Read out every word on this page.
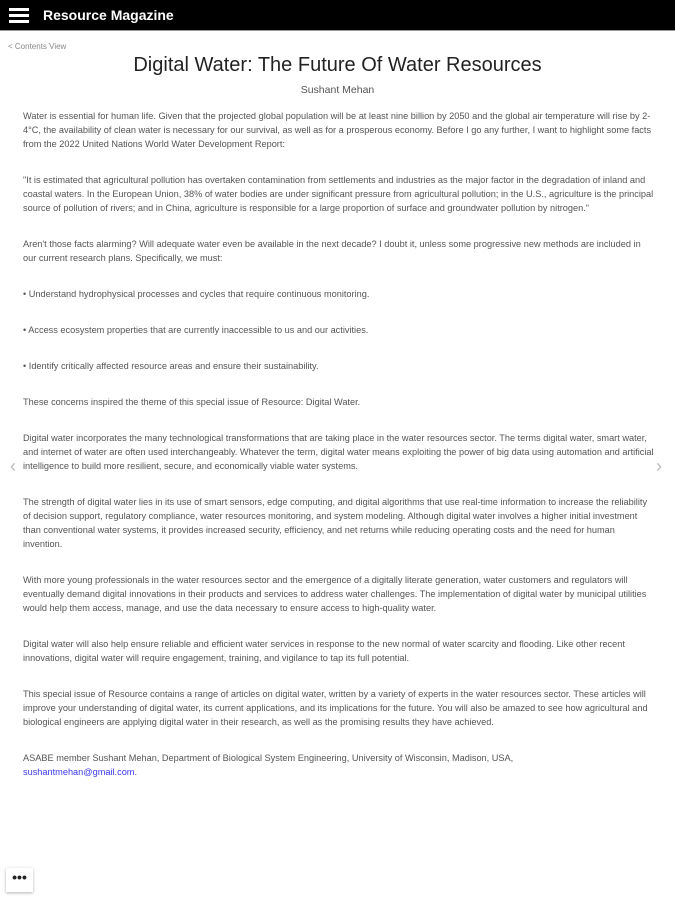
Resource Magazine
< Contents View
Digital Water: The Future Of Water Resources
Sushant Mehan

Water is essential for human life. Given that the projected global population will be at least nine billion by 2050 and the global air temperature will rise by 2-4°C, the availability of clean water is necessary for our survival, as well as for a prosperous economy. Before I go any further, I want to highlight some facts from the 2022 United Nations World Water Development Report:

"It is estimated that agricultural pollution has overtaken contamination from settlements and industries as the major factor in the degradation of inland and coastal waters. In the European Union, 38% of water bodies are under significant pressure from agricultural pollution; in the U.S., agriculture is the principal source of pollution of rivers; and in China, agriculture is responsible for a large proportion of surface and groundwater pollution by nitrogen."

Aren't those facts alarming? Will adequate water even be available in the next decade? I doubt it, unless some progressive new methods are included in our current research plans. Specifically, we must:

• Understand hydrophysical processes and cycles that require continuous monitoring.

• Access ecosystem properties that are currently inaccessible to us and our activities.

• Identify critically affected resource areas and ensure their sustainability.

These concerns inspired the theme of this special issue of Resource: Digital Water.

Digital water incorporates the many technological transformations that are taking place in the water resources sector. The terms digital water, smart water, and internet of water are often used interchangeably. Whatever the term, digital water means exploiting the power of big data using automation and artificial intelligence to build more resilient, secure, and economically viable water systems.

The strength of digital water lies in its use of smart sensors, edge computing, and digital algorithms that use real-time information to increase the reliability of decision support, regulatory compliance, water resources monitoring, and system modeling. Although digital water involves a higher initial investment than conventional water systems, it provides increased security, efficiency, and net returns while reducing operating costs and the need for human invention.

With more young professionals in the water resources sector and the emergence of a digitally literate generation, water customers and regulators will eventually demand digital innovations in their products and services to address water challenges. The implementation of digital water by municipal utilities would help them access, manage, and use the data necessary to ensure access to high-quality water.

Digital water will also help ensure reliable and efficient water services in response to the new normal of water scarcity and flooding. Like other recent innovations, digital water will require engagement, training, and vigilance to tap its full potential.

This special issue of Resource contains a range of articles on digital water, written by a variety of experts in the water resources sector. These articles will improve your understanding of digital water, its current applications, and its implications for the future. You will also be amazed to see how agricultural and biological engineers are applying digital water in their research, as well as the promising results they have achieved.

ASABE member Sushant Mehan, Department of Biological System Engineering, University of Wisconsin, Madison, USA,
sushantmehan@gmail.com.

‹	›
•••
